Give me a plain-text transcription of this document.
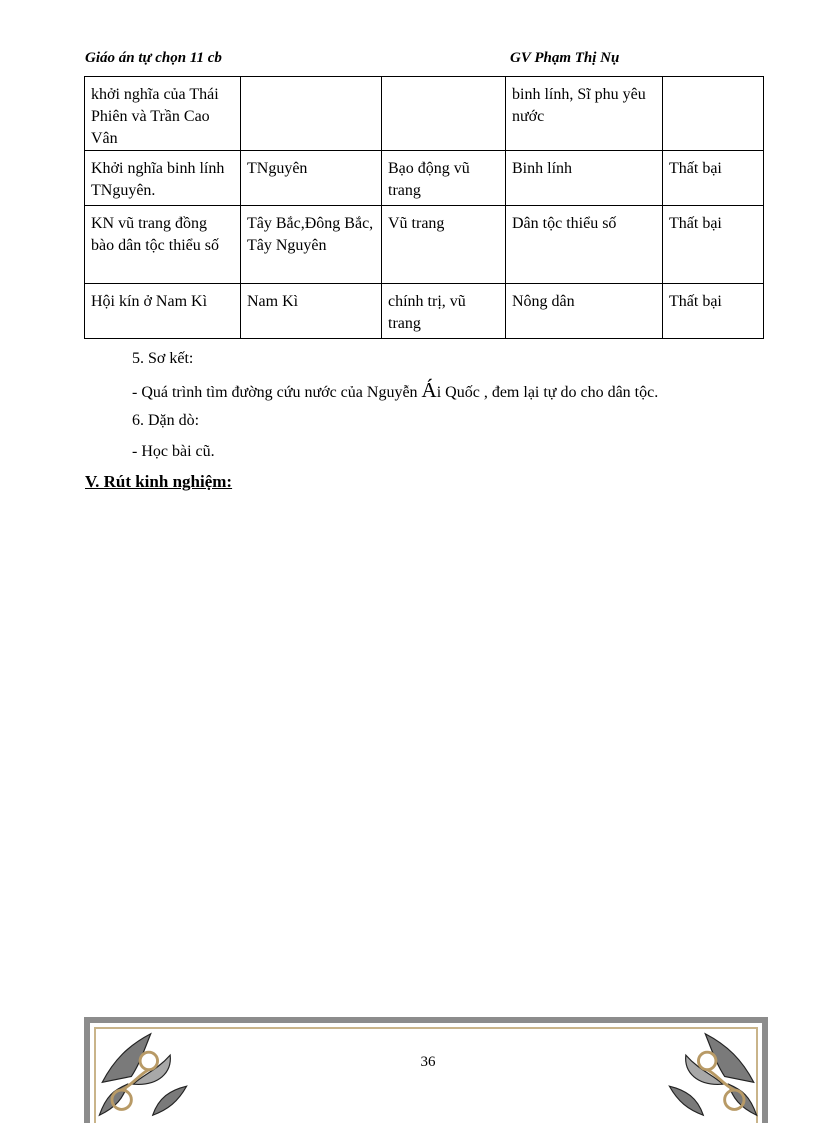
Giáo án tự chọn 11 cb	GV Phạm Thị Nụ
khởi nghĩa của Thái Phiên và Trần Cao Vân			binh lính, Sĩ phu yêu nước	

Khởi nghĩa binh lính TNguyên.	TNguyên	Bạo động vũ trang	Binh lính	Thất bại

KN vũ trang đồng bào dân tộc thiểu số	Tây Bắc,Đông Bắc, Tây Nguyên	Vũ trang	Dân tộc thiểu số	Thất bại

Hội kín ở Nam Kì	Nam Kì	chính trị, vũ trang	Nông dân	Thất bại
5. Sơ kết:
- Quá trình tìm đường cứu nước của Nguyễn Ái Quốc , đem lại tự do cho dân tộc.
6. Dặn dò:
- Học bài cũ.
V. Rút kinh nghiệm:
36
